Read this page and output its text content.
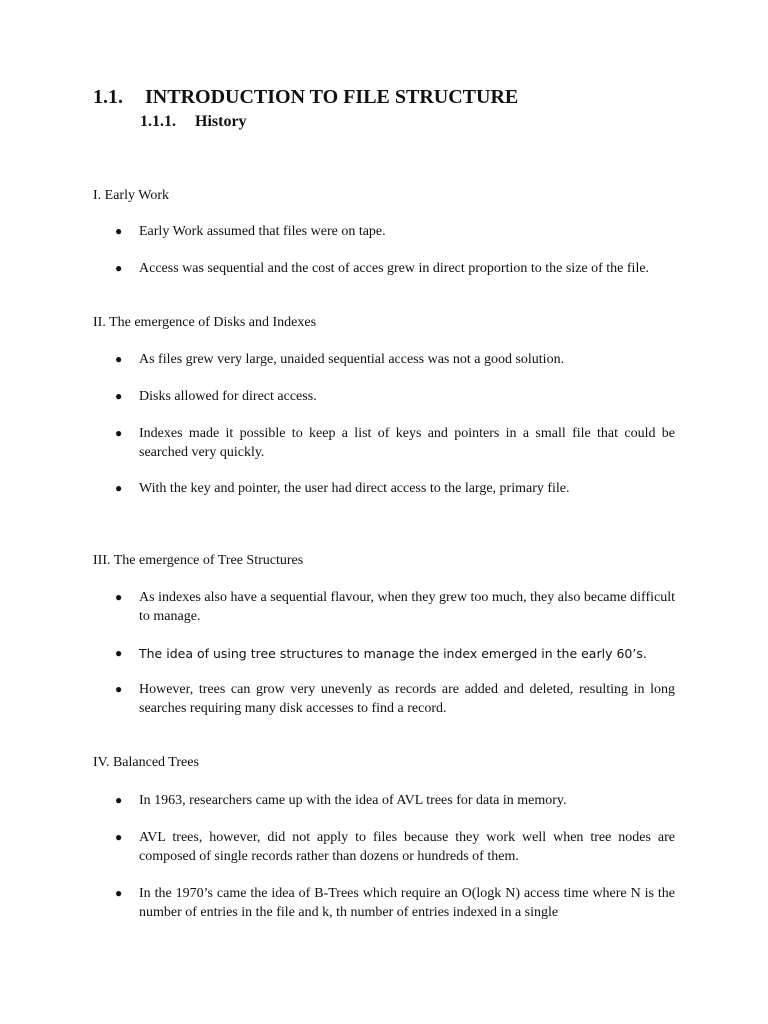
1.1. INTRODUCTION TO FILE STRUCTURE
1.1.1. History
I. Early Work
● Early Work assumed that files were on tape.
● Access was sequential and the cost of acces grew in direct proportion to the size of the file.
II. The emergence of Disks and Indexes
● As files grew very large, unaided sequential access was not a good solution.
● Disks allowed for direct access.
● Indexes made it possible to keep a list of keys and pointers in a small file that could be searched very quickly.
● With the key and pointer, the user had direct access to the large, primary file.
III. The emergence of Tree Structures
● As indexes also have a sequential flavour, when they grew too much, they also became difficult to manage.
● The idea of using tree structures to manage the index emerged in the early 60’s.
● However, trees can grow very unevenly as records are added and deleted, resulting in long searches requiring many disk accesses to find a record.
IV. Balanced Trees
● In 1963, researchers came up with the idea of AVL trees for data in memory.
● AVL trees, however, did not apply to files because they work well when tree nodes are composed of single records rather than dozens or hundreds of them.
● In the 1970’s came the idea of B-Trees which require an O(logk N) access time where N is the number of entries in the file and k, th number of entries indexed in a single
